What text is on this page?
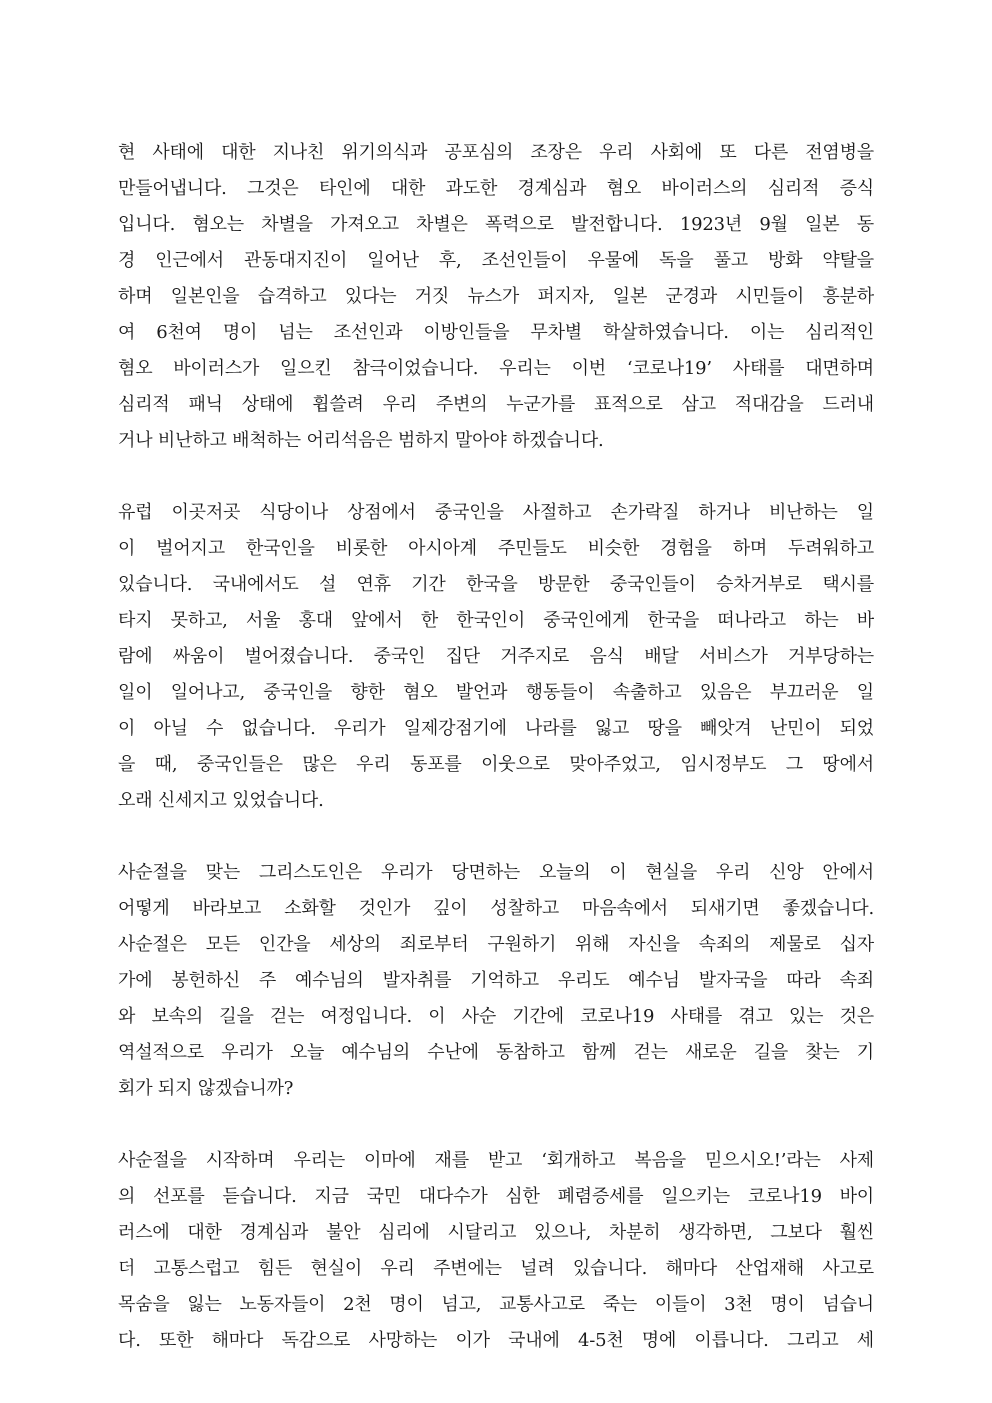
현 사태에 대한 지나친 위기의식과 공포심의 조장은 우리 사회에 또 다른 전염병을
만들어냅니다. 그것은 타인에 대한 과도한 경계심과 혐오 바이러스의 심리적 증식
입니다. 혐오는 차별을 가져오고 차별은 폭력으로 발전합니다. 1923년 9월 일본 동
경 인근에서 관동대지진이 일어난 후, 조선인들이 우물에 독을 풀고 방화 약탈을
하며 일본인을 습격하고 있다는 거짓 뉴스가 퍼지자, 일본 군경과 시민들이 흥분하
여 6천여 명이 넘는 조선인과 이방인들을 무차별 학살하였습니다. 이는 심리적인
혐오 바이러스가 일으킨 참극이었습니다. 우리는 이번 ‘코로나19’ 사태를 대면하며
심리적 패닉 상태에 휩쓸려 우리 주변의 누군가를 표적으로 삼고 적대감을 드러내
거나 비난하고 배척하는 어리석음은 범하지 말아야 하겠습니다.
유럽 이곳저곳 식당이나 상점에서 중국인을 사절하고 손가락질 하거나 비난하는 일
이 벌어지고 한국인을 비롯한 아시아계 주민들도 비슷한 경험을 하며 두려워하고
있습니다. 국내에서도 설 연휴 기간 한국을 방문한 중국인들이 승차거부로 택시를
타지 못하고, 서울 홍대 앞에서 한 한국인이 중국인에게 한국을 떠나라고 하는 바
람에 싸움이 벌어졌습니다. 중국인 집단 거주지로 음식 배달 서비스가 거부당하는
일이 일어나고, 중국인을 향한 혐오 발언과 행동들이 속출하고 있음은 부끄러운 일
이 아닐 수 없습니다. 우리가 일제강점기에 나라를 잃고 땅을 빼앗겨 난민이 되었
을 때, 중국인들은 많은 우리 동포를 이웃으로 맞아주었고, 임시정부도 그 땅에서
오래 신세지고 있었습니다.
사순절을 맞는 그리스도인은 우리가 당면하는 오늘의 이 현실을 우리 신앙 안에서
어떻게 바라보고 소화할 것인가 깊이 성찰하고 마음속에서 되새기면 좋겠습니다.
사순절은 모든 인간을 세상의 죄로부터 구원하기 위해 자신을 속죄의 제물로 십자
가에 봉헌하신 주 예수님의 발자취를 기억하고 우리도 예수님 발자국을 따라 속죄
와 보속의 길을 걷는 여정입니다. 이 사순 기간에 코로나19 사태를 겪고 있는 것은
역설적으로 우리가 오늘 예수님의 수난에 동참하고 함께 걷는 새로운 길을 찾는 기
회가 되지 않겠습니까?
사순절을 시작하며 우리는 이마에 재를 받고 ‘회개하고 복음을 믿으시오!’라는 사제
의 선포를 듣습니다. 지금 국민 대다수가 심한 폐렴증세를 일으키는 코로나19 바이
러스에 대한 경계심과 불안 심리에 시달리고 있으나, 차분히 생각하면, 그보다 훨씬
더 고통스럽고 힘든 현실이 우리 주변에는 널려 있습니다. 해마다 산업재해 사고로
목숨을 잃는 노동자들이 2천 명이 넘고, 교통사고로 죽는 이들이 3천 명이 넘습니
다. 또한 해마다 독감으로 사망하는 이가 국내에 4-5천 명에 이릅니다. 그리고 세
